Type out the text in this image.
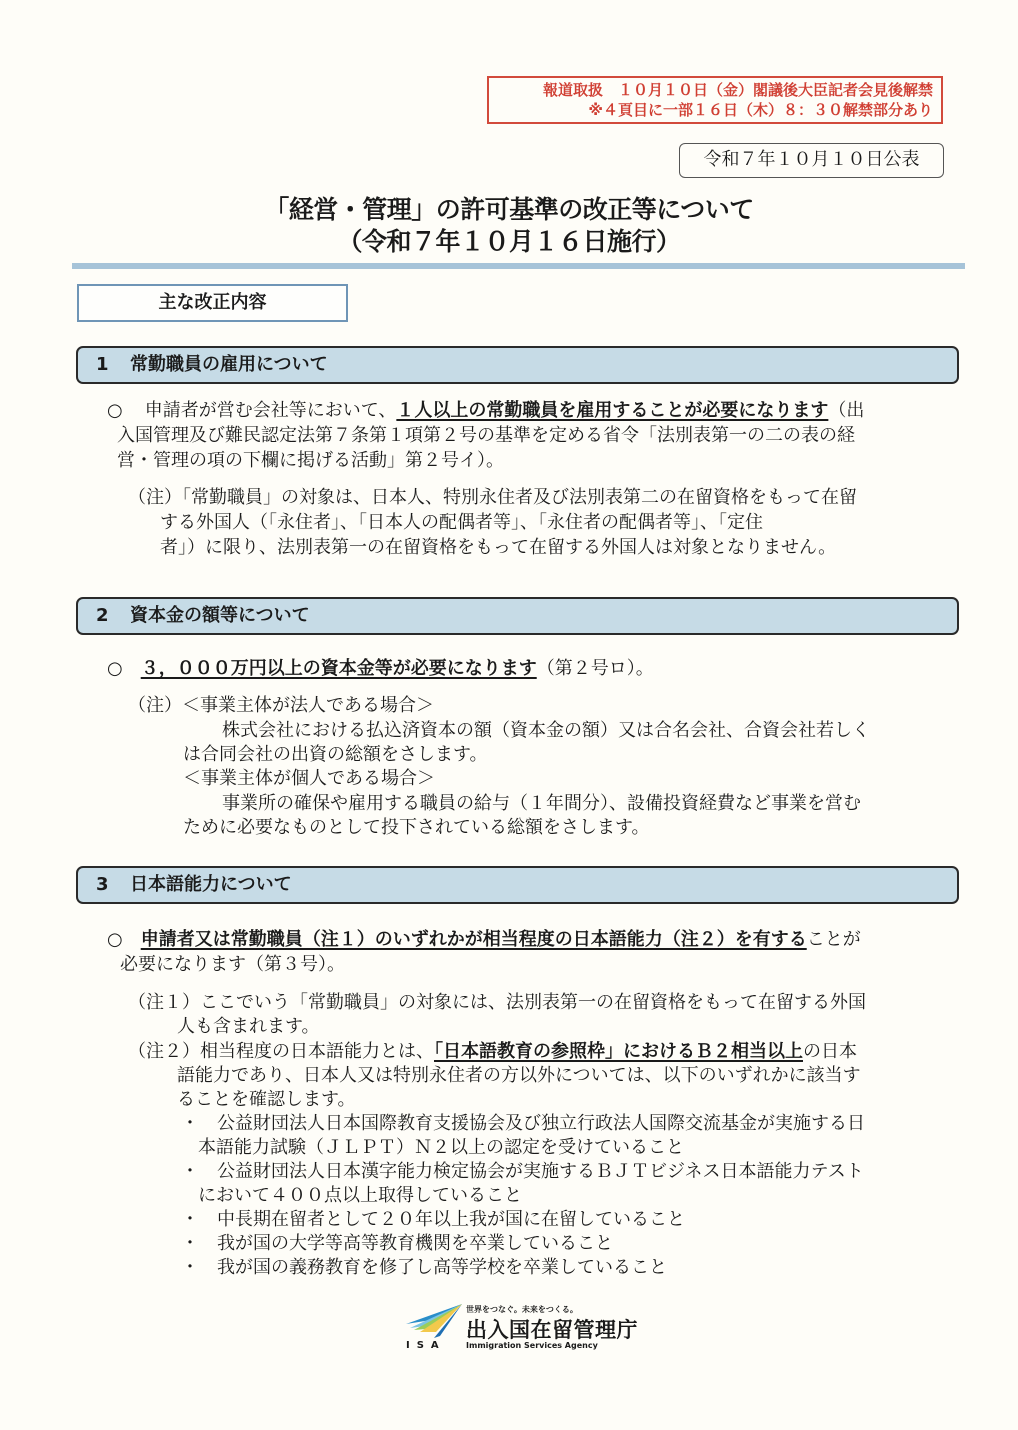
報道取扱　１０月１０日（金）閣議後大臣記者会見後解禁
※４頁目に一部１６日（木）８：３０解禁部分あり
令和７年１０月１０日公表
「経営・管理」の許可基準の改正等について
（令和７年１０月１６日施行）
主な改正内容
1 常勤職員の雇用について
○ 申請者が営む会社等において、１人以上の常勤職員を雇用することが必要になります（出
入国管理及び難民認定法第７条第１項第２号の基準を定める省令「法別表第一の二の表の経
営・管理の項の下欄に掲げる活動」第２号イ）。
（注）「常勤職員」の対象は、日本人、特別永住者及び法別表第二の在留資格をもって在留
する外国人（「永住者」、「日本人の配偶者等」、「永住者の配偶者等」、「定住
者」）に限り、法別表第一の在留資格をもって在留する外国人は対象となりません。
2 資本金の額等について
○ ３，０００万円以上の資本金等が必要になります（第２号ロ）。
（注）＜事業主体が法人である場合＞
株式会社における払込済資本の額（資本金の額）又は合名会社、合資会社若しく
は合同会社の出資の総額をさします。
＜事業主体が個人である場合＞
事業所の確保や雇用する職員の給与（１年間分）、設備投資経費など事業を営む
ために必要なものとして投下されている総額をさします。
3 日本語能力について
○ 申請者又は常勤職員（注１）のいずれかが相当程度の日本語能力（注２）を有することが
必要になります（第３号）。
（注１）ここでいう「常勤職員」の対象には、法別表第一の在留資格をもって在留する外国
人も含まれます。
（注２）相当程度の日本語能力とは、「日本語教育の参照枠」におけるＢ２相当以上の日本
語能力であり、日本人又は特別永住者の方以外については、以下のいずれかに該当す
ることを確認します。
・ 公益財団法人日本国際教育支援協会及び独立行政法人国際交流基金が実施する日
本語能力試験（ＪＬＰＴ）Ｎ２以上の認定を受けていること
・ 公益財団法人日本漢字能力検定協会が実施するＢＪＴビジネス日本語能力テスト
において４００点以上取得していること
・ 中長期在留者として２０年以上我が国に在留していること
・ 我が国の大学等高等教育機関を卒業していること
・ 我が国の義務教育を修了し高等学校を卒業していること
ISA
世界をつなぐ。未来をつくる。
出入国在留管理庁
Immigration Services Agency
